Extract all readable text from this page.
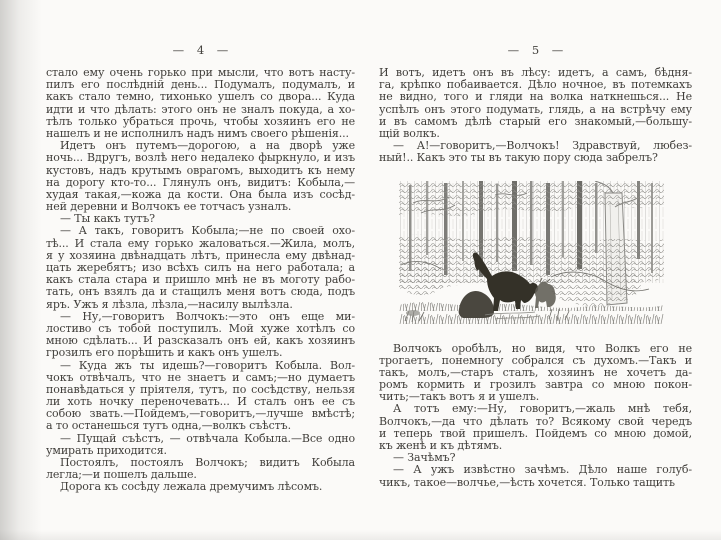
— 4 —
стало ему очень горько при мысли, что вотъ насту-
пилъ его послѣдній день... Подумалъ, подумалъ, и
какъ стало темно, тихонько ушелъ со двора... Куда
идти и что дѣлать: этого онъ не зналъ покуда, а хо-
тѣлъ только убраться прочь, чтобы хозяинъ его не
нашелъ и не исполнилъ надъ нимъ своего рѣшенія...
Идетъ онъ путемъ—дорогою, а на дворѣ уже
ночь... Вдругъ, возлѣ него недалеко фыркнуло, и изъ
кустовъ, надъ крутымъ оврагомъ, выходитъ къ нему
на дорогу кто-то... Глянулъ онъ, видитъ: Кобыла,—
худая такая,—кожа да кости. Она была изъ сосѣд-
ней деревни и Волчокъ ее тотчасъ узналъ.
— Ты какъ тутъ?
— А такъ, говоритъ Кобыла;—не по своей охо-
тѣ... И стала ему горько жаловаться.—Жила, молъ,
я у хозяина двѣнадцать лѣтъ, принесла ему двѣнад-
цать жеребятъ; изо всѣхъ силъ на него работала; а
какъ стала стара и пришло мнѣ не въ моготу рабо-
тать, онъ взялъ да и стащилъ меня вотъ сюда, подъ
яръ. Ужъ я лѣзла, лѣзла,—насилу вылѣзла.
— Ну,—говоритъ Волчокъ:—это онъ еще ми-
лостиво съ тобой поступилъ. Мой хуже хотѣлъ со
мною сдѣлать... И разсказалъ онъ ей, какъ хозяинъ
грозилъ его порѣшить и какъ онъ ушелъ.
— Куда жъ ты идешь?—говоритъ Кобыла. Вол-
чокъ отвѣчалъ, что не знаетъ и самъ;—но думаетъ
понавѣдаться у пріятеля, тутъ, по сосѣдству, нельзя
ли хоть ночку переночевать... И сталъ онъ ее съ
собою звать.—Пойдемъ,—говоритъ,—лучше вмѣстѣ;
а то останешься тутъ одна,—волкъ съѣстъ.
— Пущай съѣстъ, — отвѣчала Кобыла.—Все одно
умирать приходится.
Постоялъ, постоялъ Волчокъ; видитъ Кобыла
легла;—и пошелъ дальше.
Дорога къ сосѣду лежала дремучимъ лѣсомъ.
— 5 —
И вотъ, идетъ онъ въ лѣсу: идетъ, а самъ, бѣдня-
га, крѣпко побаивается. Дѣло ночное, въ потемкахъ
не видно, того и гляди на волка наткнешься... Не
успѣлъ онъ этого подумать, глядь, а на встрѣчу ему
и въ самомъ дѣлѣ старый его знакомый,—большу-
щій волкъ.
— А!—говоритъ,—Волчокъ! Здравствуй, любез-
ный!.. Какъ это ты въ такую пору сюда забрелъ?
Волчокъ оробѣлъ, но видя, что Волкъ его не
трогаетъ, понемногу собрался съ духомъ.—Такъ и
такъ, молъ,—старъ сталъ, хозяинъ не хочетъ да-
ромъ кормить и грозилъ завтра со мною покон-
чить;—такъ вотъ я и ушелъ.
А тотъ ему:—Ну, говоритъ,—жаль мнѣ тебя,
Волчокъ,—да что дѣлать то? Всякому свой чередъ
и теперь твой пришелъ. Пойдемъ со мною домой,
къ женѣ и къ дѣтямъ.
— Зачѣмъ?
— А ужъ извѣстно зачѣмъ. Дѣло наше голуб-
чикъ, такое—волчье,—ѣсть хочется. Только тащить
